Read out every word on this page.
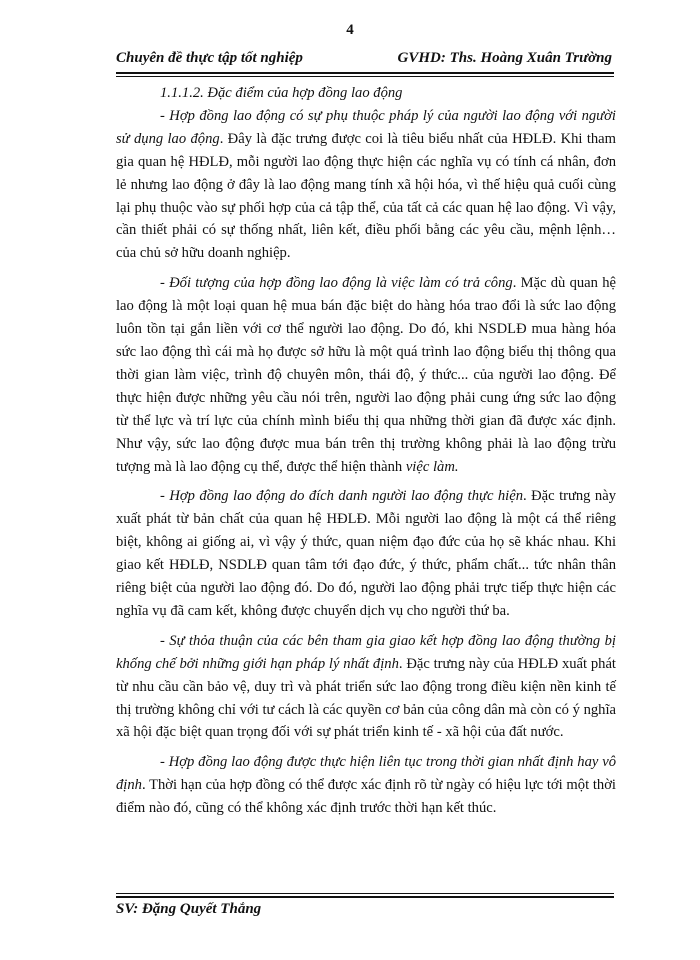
4
Chuyên đề thực tập tốt nghiệp	GVHD: Ths. Hoàng Xuân Trường

1.1.1.2. Đặc điểm của hợp đồng lao động

- Hợp đồng lao động có sự phụ thuộc pháp lý của người lao động với người sử dụng lao động. Đây là đặc trưng được coi là tiêu biểu nhất của HĐLĐ. Khi tham gia quan hệ HĐLĐ, mỗi người lao động thực hiện các nghĩa vụ có tính cá nhân, đơn lẻ nhưng lao động ở đây là lao động mang tính xã hội hóa, vì thế hiệu quả cuối cùng lại phụ thuộc vào sự phối hợp của cả tập thể, của tất cả các quan hệ lao động. Vì vậy, cần thiết phải có sự thống nhất, liên kết, điều phối bằng các yêu cầu, mệnh lệnh… của chủ sở hữu doanh nghiệp.

- Đối tượng của hợp đồng lao động là việc làm có trả công. Mặc dù quan hệ lao động là một loại quan hệ mua bán đặc biệt do hàng hóa trao đổi là sức lao động luôn tồn tại gắn liền với cơ thể người lao động. Do đó, khi NSDLĐ mua hàng hóa sức lao động thì cái mà họ được sở hữu là một quá trình lao động biểu thị thông qua thời gian làm việc, trình độ chuyên môn, thái độ, ý thức... của người lao động. Để thực hiện được những yêu cầu nói trên, người lao động phải cung ứng sức lao động từ thể lực và trí lực của chính mình biểu thị qua những thời gian đã được xác định. Như vậy, sức lao động được mua bán trên thị trường không phải là lao động trừu tượng mà là lao động cụ thể, được thể hiện thành việc làm.

- Hợp đồng lao động do đích danh người lao động thực hiện. Đặc trưng này xuất phát từ bản chất của quan hệ HĐLĐ. Mỗi người lao động là một cá thể riêng biệt, không ai giống ai, vì vậy ý thức, quan niệm đạo đức của họ sẽ khác nhau. Khi giao kết HĐLĐ, NSDLĐ quan tâm tới đạo đức, ý thức, phẩm chất... tức nhân thân riêng biệt của người lao động đó. Do đó, người lao động phải trực tiếp thực hiện các nghĩa vụ đã cam kết, không được chuyển dịch vụ cho người thứ ba.

- Sự thỏa thuận của các bên tham gia giao kết hợp đồng lao động thường bị khống chế bởi những giới hạn pháp lý nhất định. Đặc trưng này của HĐLĐ xuất phát từ nhu cầu cần bảo vệ, duy trì và phát triển sức lao động trong điều kiện nền kinh tế thị trường không chỉ với tư cách là các quyền cơ bản của công dân mà còn có ý nghĩa xã hội đặc biệt quan trọng đối với sự phát triển kinh tế - xã hội của đất nước.

- Hợp đồng lao động được thực hiện liên tục trong thời gian nhất định hay vô định. Thời hạn của hợp đồng có thể được xác định rõ từ ngày có hiệu lực tới một thời điểm nào đó, cũng có thể không xác định trước thời hạn kết thúc.

SV: Đặng Quyết Thắng
